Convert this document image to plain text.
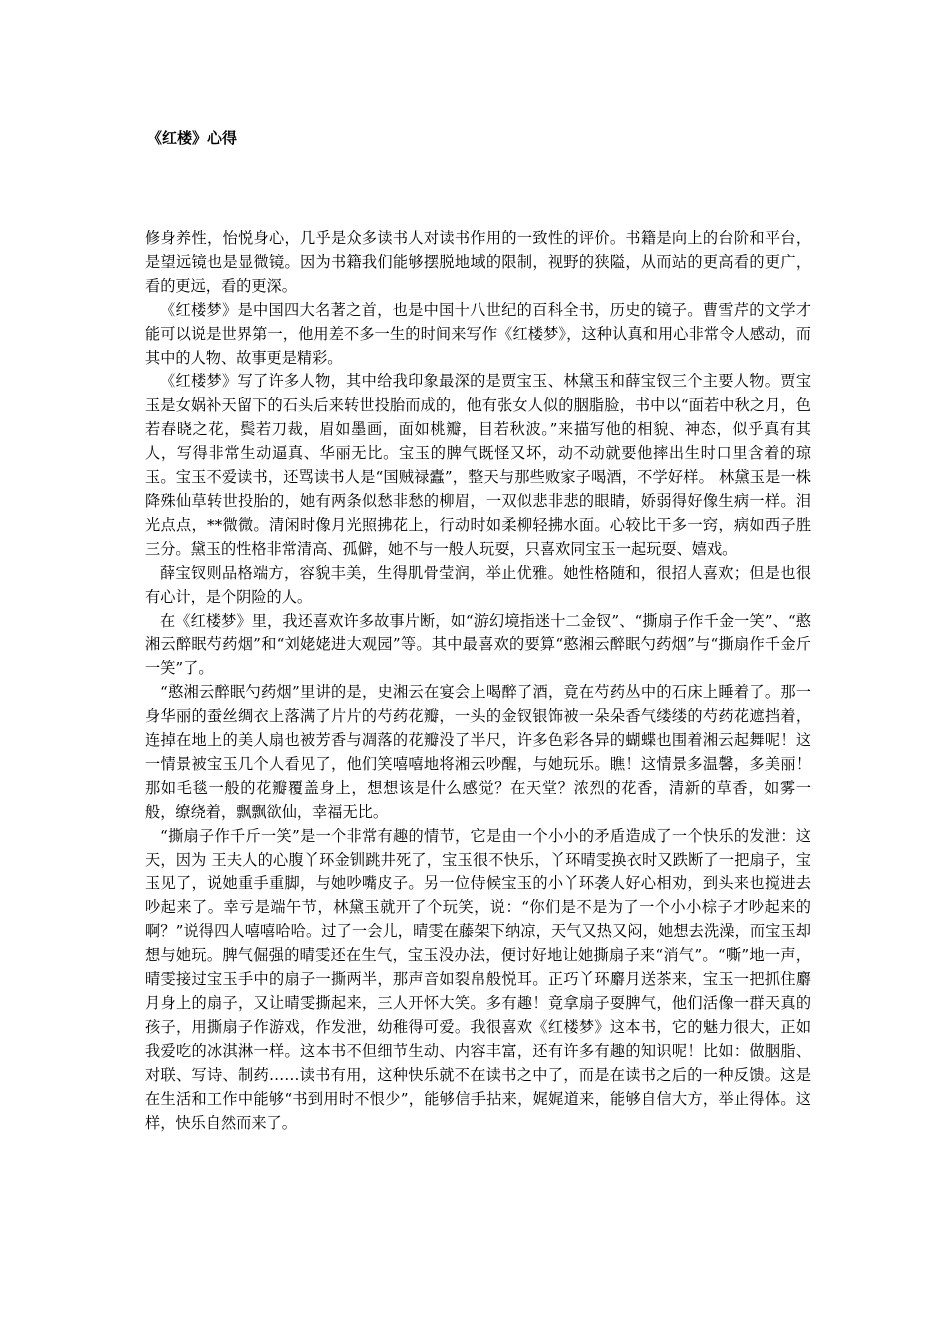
《红楼》心得

修身养性，怡悦身心，几乎是众多读书人对读书作用的一致性的评价。书籍是向上的台阶和平台，是望远镜也是显微镜。因为书籍我们能够摆脱地域的限制，视野的狭隘，从而站的更高看的更广，看的更远，看的更深。

《红楼梦》是中国四大名著之首，也是中国十八世纪的百科全书，历史的镜子。曹雪芹的文学才能可以说是世界第一，他用差不多一生的时间来写作《红楼梦》，这种认真和用心非常令人感动，而其中的人物、故事更是精彩。

《红楼梦》写了许多人物，其中给我印象最深的是贾宝玉、林黛玉和薛宝钗三个主要人物。贾宝玉是女娲补天留下的石头后来转世投胎而成的，他有张女人似的胭脂脸，书中以“面若中秋之月，色若春晓之花，鬓若刀裁，眉如墨画，面如桃瓣，目若秋波。”来描写他的相貌、神态，似乎真有其人，写得非常生动逼真、华丽无比。宝玉的脾气既怪又坏，动不动就要他摔出生时口里含着的琼玉。宝玉不爱读书，还骂读书人是“国贼禄蠹”，整天与那些败家子喝酒，不学好样。 林黛玉是一株降殊仙草转世投胎的，她有两条似愁非愁的柳眉，一双似悲非悲的眼睛，娇弱得好像生病一样。泪光点点，**微微。清闲时像月光照拂花上，行动时如柔柳轻拂水面。心较比干多一窍，病如西子胜三分。黛玉的性格非常清高、孤僻，她不与一般人玩耍，只喜欢同宝玉一起玩耍、嬉戏。

薛宝钗则品格端方，容貌丰美，生得肌骨莹润，举止优雅。她性格随和，很招人喜欢；但是也很有心计，是个阴险的人。

在《红楼梦》里，我还喜欢许多故事片断，如“游幻境指迷十二金钗”、“撕扇子作千金一笑”、“憨湘云醉眠芍药烟”和“刘姥姥进大观园”等。其中最喜欢的要算“憨湘云醉眠勺药烟”与“撕扇作千金斤一笑”了。

“憨湘云醉眠勺药烟”里讲的是，史湘云在宴会上喝醉了酒，竟在芍药丛中的石床上睡着了。那一身华丽的蚕丝绸衣上落满了片片的芍药花瓣，一头的金钗银饰被一朵朵香气缕缕的芍药花遮挡着，连掉在地上的美人扇也被芳香与凋落的花瓣没了半尺，许多色彩各异的蝴蝶也围着湘云起舞呢！这一情景被宝玉几个人看见了，他们笑嘻嘻地将湘云吵醒，与她玩乐。瞧！这情景多温馨，多美丽！那如毛毯一般的花瓣覆盖身上，想想该是什么感觉？在天堂？浓烈的花香，清新的草香，如雾一般，缭绕着，飘飘欲仙，幸福无比。

“撕扇子作千斤一笑”是一个非常有趣的情节，它是由一个小小的矛盾造成了一个快乐的发泄：这天，因为 王夫人的心腹丫环金钏跳井死了，宝玉很不快乐，丫环晴雯换衣时又跌断了一把扇子，宝玉见了，说她重手重脚，与她吵嘴皮子。另一位侍候宝玉的小丫环袭人好心相劝，到头来也搅进去吵起来了。幸亏是端午节，林黛玉就开了个玩笑，说：“你们是不是为了一个小小棕子才吵起来的啊？”说得四人嘻嘻哈哈。过了一会儿，晴雯在藤架下纳凉，天气又热又闷，她想去洗澡，而宝玉却想与她玩。脾气倔强的晴雯还在生气，宝玉没办法，便讨好地让她撕扇子来“消气”。“嘶”地一声，晴雯接过宝玉手中的扇子一撕两半，那声音如裂帛般悦耳。正巧丫环麝月送茶来，宝玉一把抓住麝月身上的扇子，又让晴雯撕起来，三人开怀大笑。多有趣！竟拿扇子耍脾气，他们活像一群天真的孩子，用撕扇子作游戏，作发泄，幼稚得可爱。我很喜欢《红楼梦》这本书，它的魅力很大，正如我爱吃的冰淇淋一样。这本书不但细节生动、内容丰富，还有许多有趣的知识呢！比如：做胭脂、对联、写诗、制药……读书有用，这种快乐就不在读书之中了，而是在读书之后的一种反馈。这是在生活和工作中能够“书到用时不恨少”，能够信手拈来，娓娓道来，能够自信大方，举止得体。这样，快乐自然而来了。
